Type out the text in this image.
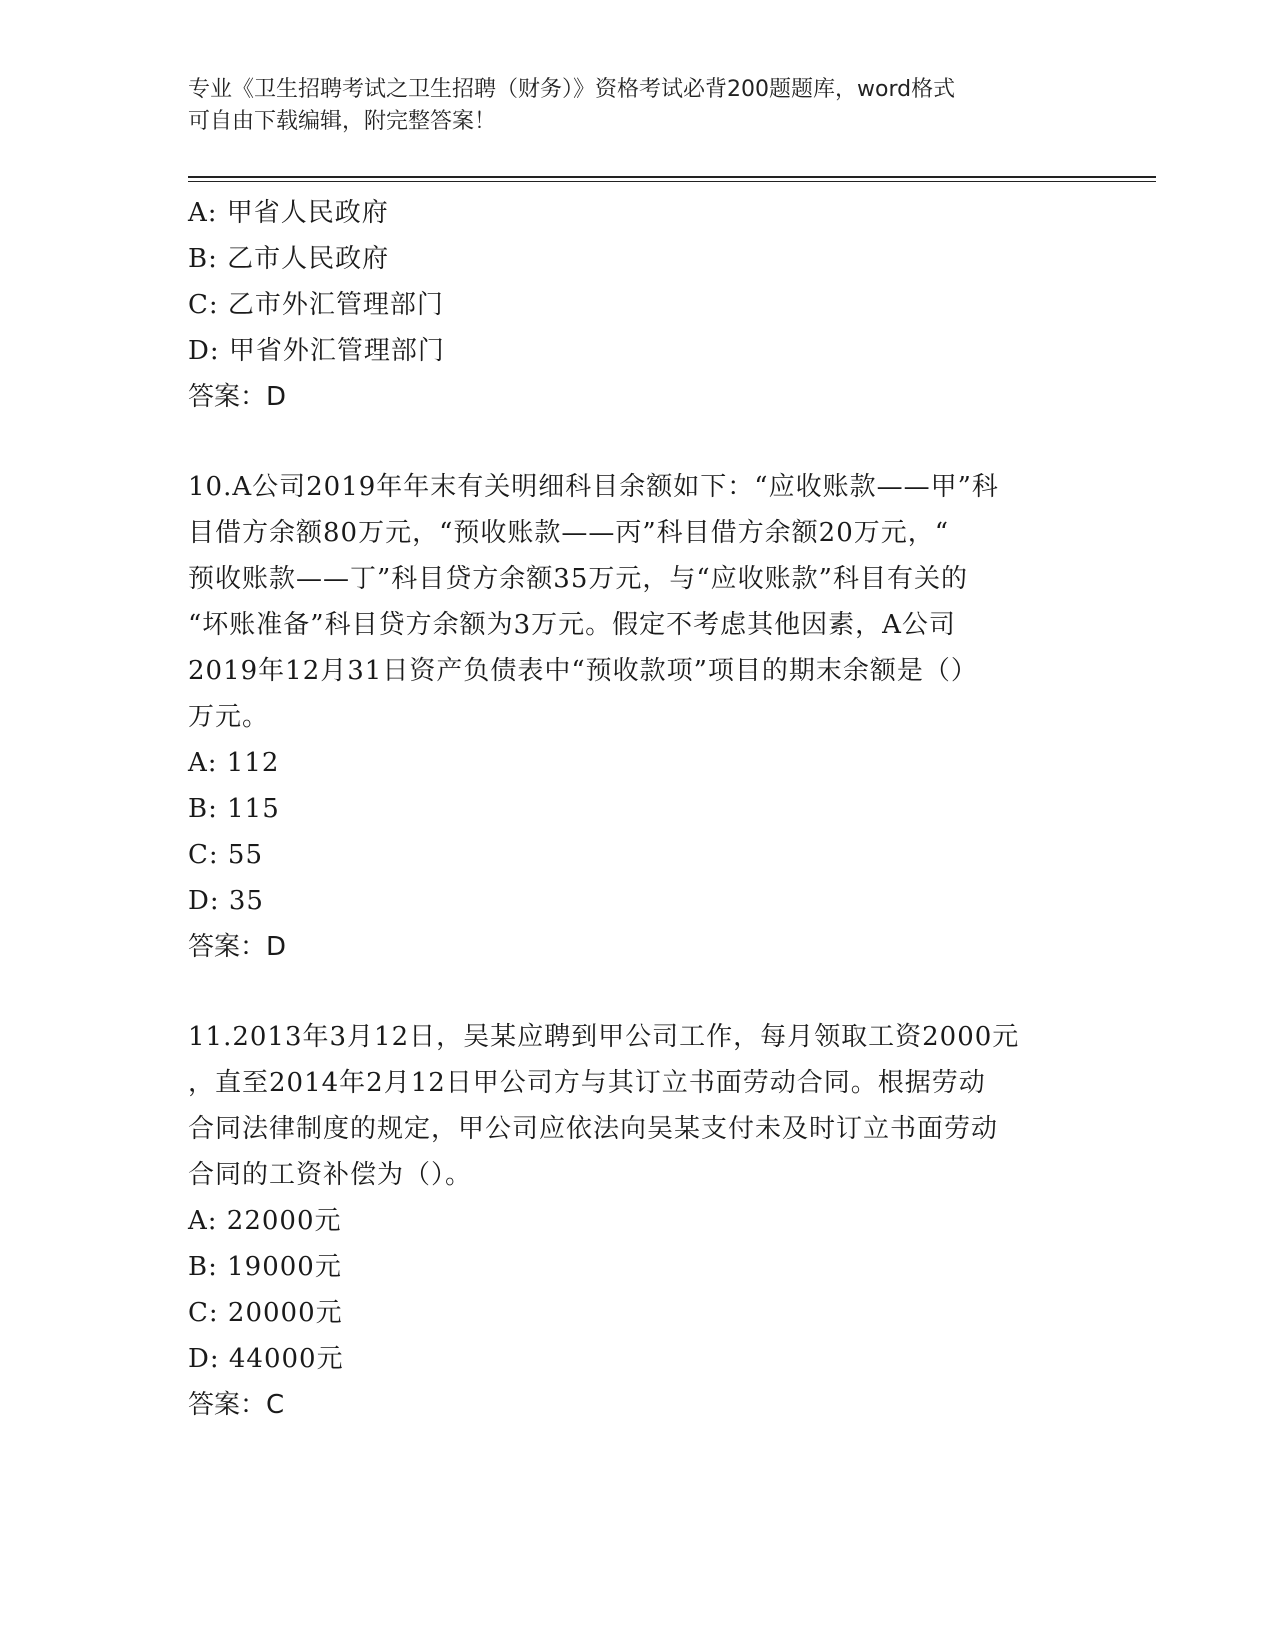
专业《卫生招聘考试之卫生招聘（财务）》资格考试必背200题题库，word格式
可自由下载编辑，附完整答案！
A: 甲省人民政府
B: 乙市人民政府
C: 乙市外汇管理部门
D: 甲省外汇管理部门
答案：D
10.A公司2019年年末有关明细科目余额如下：“应收账款——甲”科
目借方余额80万元，“预收账款——丙”科目借方余额20万元，“
预收账款——丁”科目贷方余额35万元，与“应收账款”科目有关的
“坏账准备”科目贷方余额为3万元。假定不考虑其他因素，A公司
2019年12月31日资产负债表中“预收款项”项目的期末余额是（）
万元。
A: 112
B: 115
C: 55
D: 35
答案：D
11.2013年3月12日，吴某应聘到甲公司工作，每月领取工资2000元
，直至2014年2月12日甲公司方与其订立书面劳动合同。根据劳动
合同法律制度的规定，甲公司应依法向吴某支付未及时订立书面劳动
合同的工资补偿为（）。
A: 22000元
B: 19000元
C: 20000元
D: 44000元
答案：C
